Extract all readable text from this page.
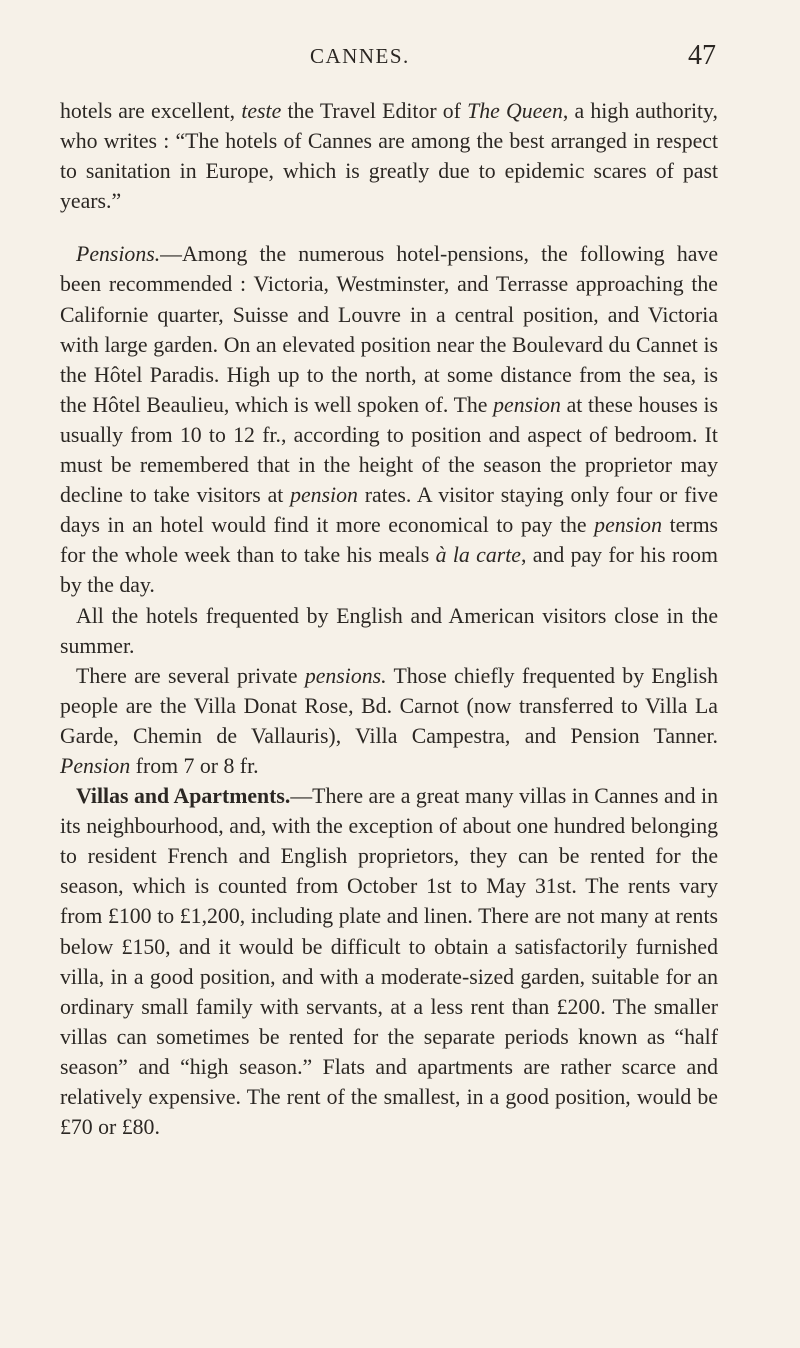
CANNES.	47

hotels are excellent, teste the Travel Editor of The Queen, a high authority, who writes : “The hotels of Cannes are among the best arranged in respect to sanitation in Europe, which is greatly due to epidemic scares of past years.”

Pensions.—Among the numerous hotel-pensions, the following have been recommended : Victoria, Westminster, and Terrasse approaching the Californie quarter, Suisse and Louvre in a central position, and Victoria with large garden. On an elevated position near the Boulevard du Cannet is the Hôtel Paradis. High up to the north, at some distance from the sea, is the Hôtel Beaulieu, which is well spoken of. The pension at these houses is usually from 10 to 12 fr., according to position and aspect of bedroom. It must be remembered that in the height of the season the proprietor may decline to take visitors at pension rates. A visitor staying only four or five days in an hotel would find it more economical to pay the pension terms for the whole week than to take his meals à la carte, and pay for his room by the day.

All the hotels frequented by English and American visitors close in the summer.

There are several private pensions. Those chiefly frequented by English people are the Villa Donat Rose, Bd. Carnot (now transferred to Villa La Garde, Chemin de Vallauris), Villa Campestra, and Pension Tanner. Pension from 7 or 8 fr.

Villas and Apartments.—There are a great many villas in Cannes and in its neighbourhood, and, with the exception of about one hundred belonging to resident French and English proprietors, they can be rented for the season, which is counted from October 1st to May 31st. The rents vary from £100 to £1,200, including plate and linen. There are not many at rents below £150, and it would be difficult to obtain a satisfactorily furnished villa, in a good position, and with a moderate-sized garden, suitable for an ordinary small family with servants, at a less rent than £200. The smaller villas can sometimes be rented for the separate periods known as “half season” and “high season.” Flats and apartments are rather scarce and relatively expensive. The rent of the smallest, in a good position, would be £70 or £80.
